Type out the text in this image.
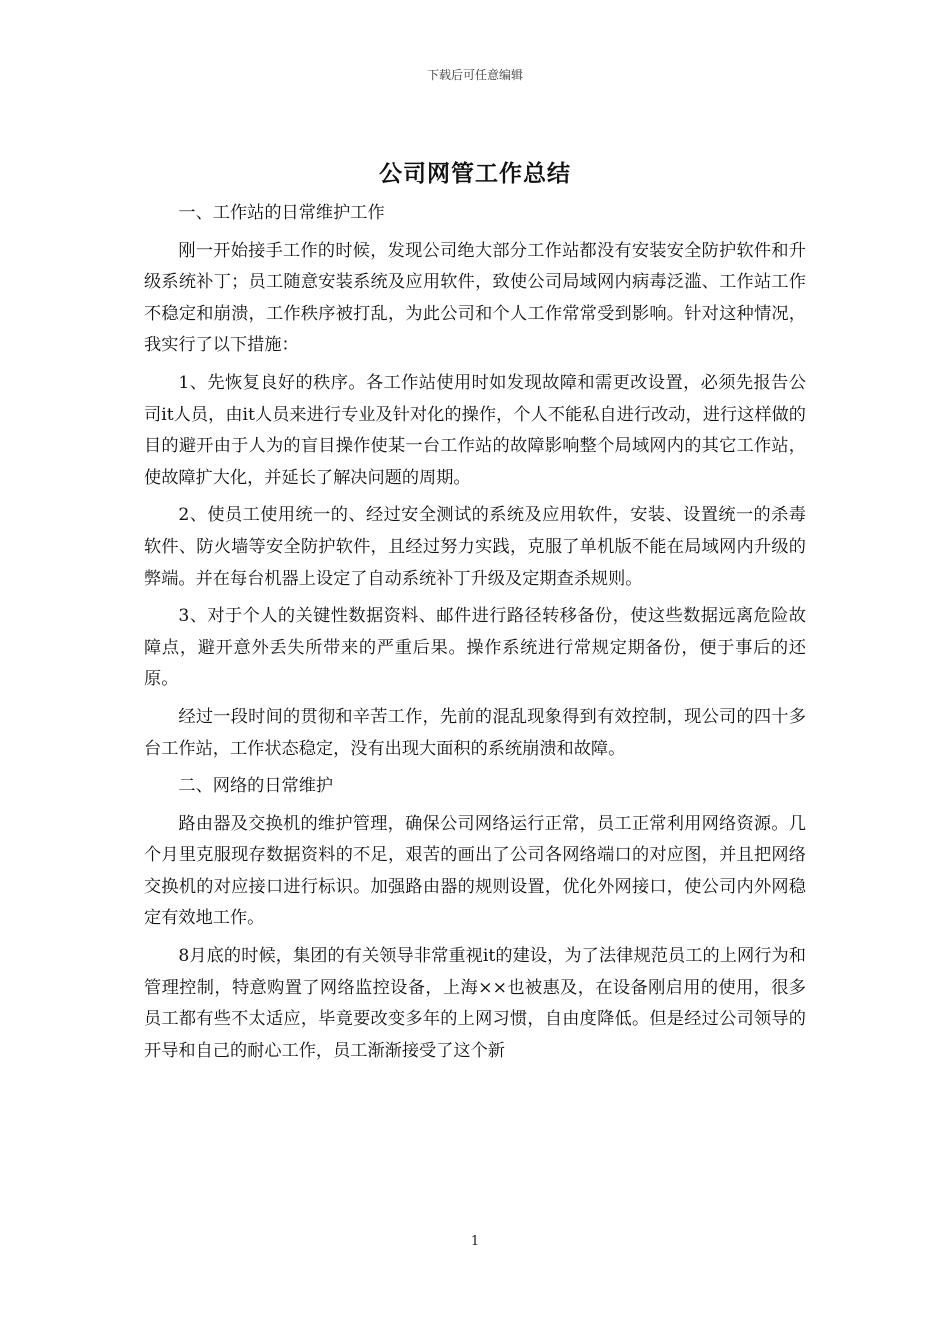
下载后可任意编辑
公司网管工作总结

一、工作站的日常维护工作

刚一开始接手工作的时候，发现公司绝大部分工作站都没有安装安全防护软件和升级系统补丁；员工随意安装系统及应用软件，致使公司局域网内病毒泛滥、工作站工作不稳定和崩溃，工作秩序被打乱，为此公司和个人工作常常受到影响。针对这种情况，我实行了以下措施：

1、先恢复良好的秩序。各工作站使用时如发现故障和需更改设置，必须先报告公司it人员，由it人员来进行专业及针对化的操作，个人不能私自进行改动，进行这样做的目的避开由于人为的盲目操作使某一台工作站的故障影响整个局域网内的其它工作站，使故障扩大化，并延长了解决问题的周期。

2、使员工使用统一的、经过安全测试的系统及应用软件，安装、设置统一的杀毒软件、防火墙等安全防护软件，且经过努力实践，克服了单机版不能在局域网内升级的弊端。并在每台机器上设定了自动系统补丁升级及定期查杀规则。

3、对于个人的关键性数据资料、邮件进行路径转移备份，使这些数据远离危险故障点，避开意外丢失所带来的严重后果。操作系统进行常规定期备份，便于事后的还原。

经过一段时间的贯彻和辛苦工作，先前的混乱现象得到有效控制，现公司的四十多台工作站，工作状态稳定，没有出现大面积的系统崩溃和故障。

二、网络的日常维护

路由器及交换机的维护管理，确保公司网络运行正常，员工正常利用网络资源。几个月里克服现存数据资料的不足，艰苦的画出了公司各网络端口的对应图，并且把网络交换机的对应接口进行标识。加强路由器的规则设置，优化外网接口，使公司内外网稳定有效地工作。

8月底的时候，集团的有关领导非常重视it的建设，为了法律规范员工的上网行为和管理控制，特意购置了网络监控设备，上海××也被惠及，在设备刚启用的使用，很多员工都有些不太适应，毕竟要改变多年的上网习惯，自由度降低。但是经过公司领导的开导和自己的耐心工作，员工渐渐接受了这个新

1
